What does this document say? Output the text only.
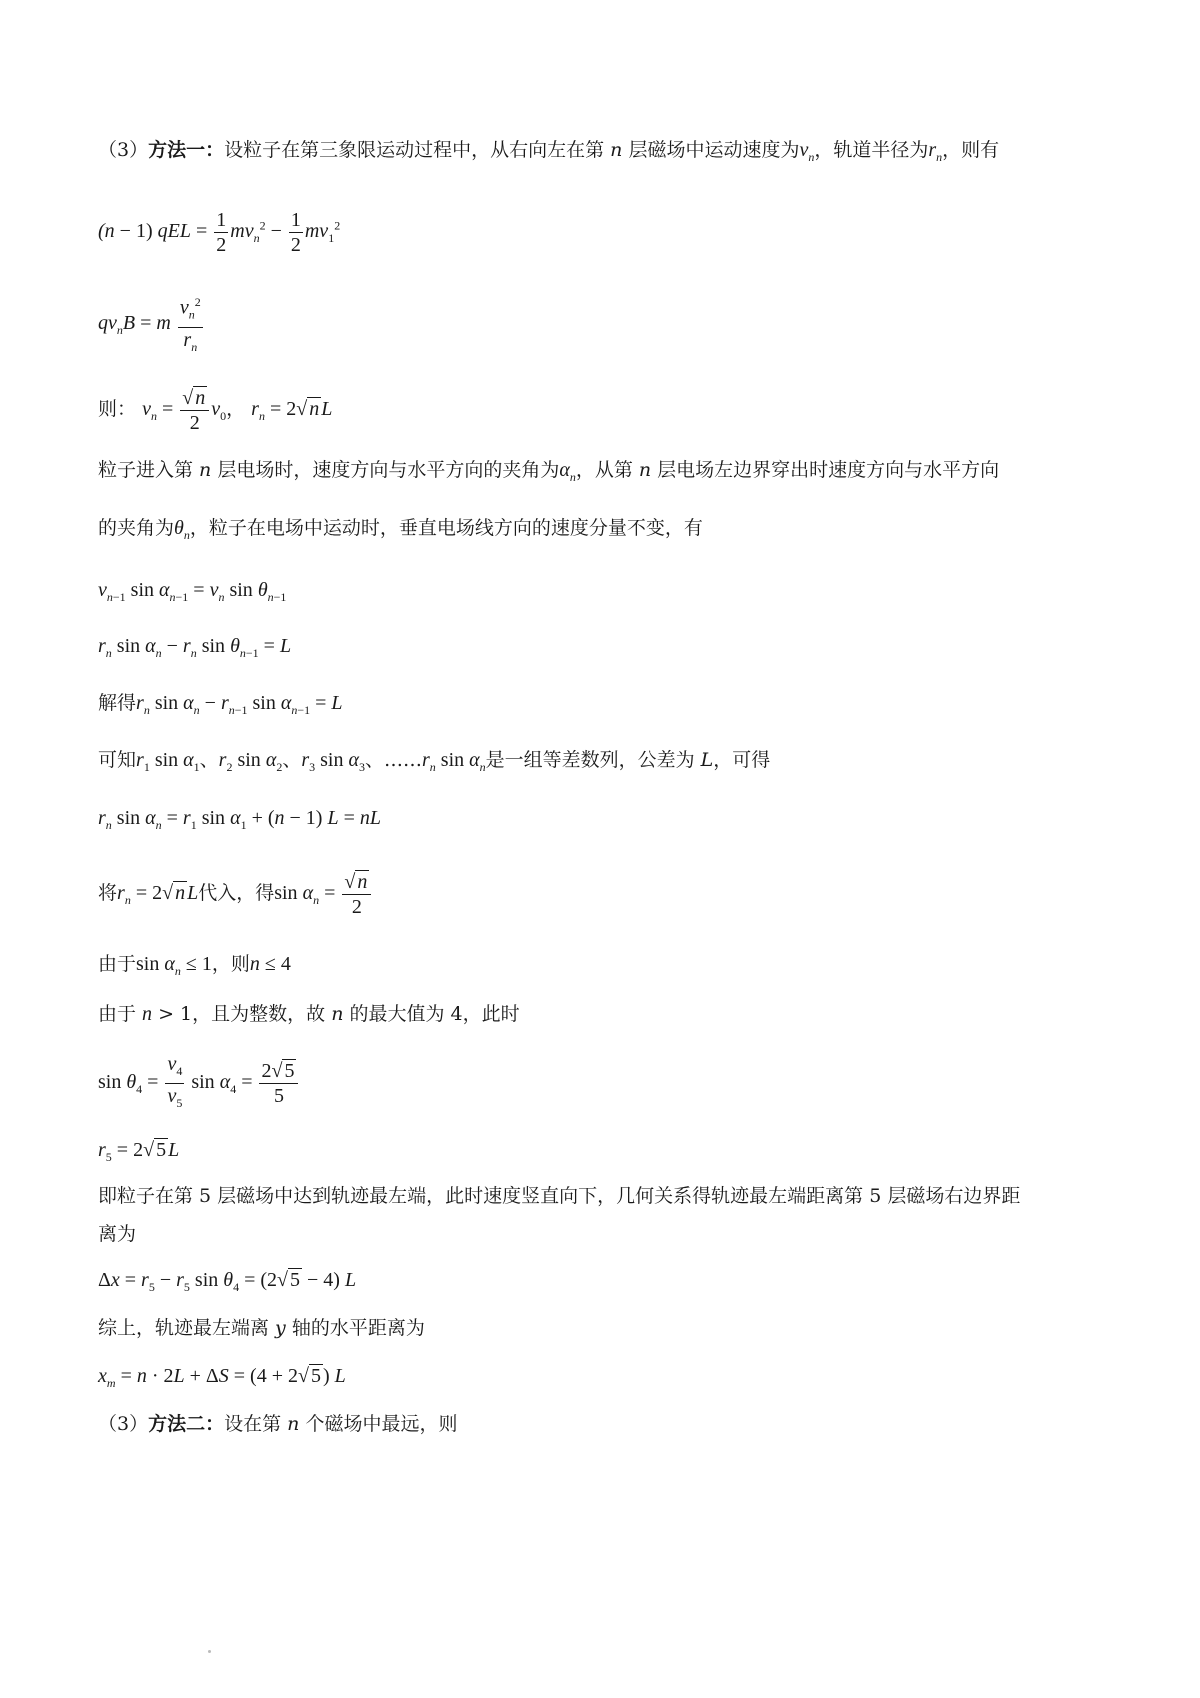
（3）方法一：设粒子在第三象限运动过程中，从右向左在第 n 层磁场中运动速度为$v_n$，轨道半径为$r_n$，则有
(n − 1) qEL = $\frac{1}{2} mv_n^2 - \frac{1}{2} mv_1^2$
$qv_nB = m \frac{v_n^2}{r_n}$
则： $v_n = \frac{√ n}{2} v_0$， $r_n = 2√$ n L
粒子进入第 n 层电场时，速度方向与水平方向的夹角为$\alpha_n$，从第 n 层电场左边界穿出时速度方向与水平方向
的夹角为$\theta_n$，粒子在电场中运动时，垂直电场线方向的速度分量不变，有
$v_{n-1}$ $\sin \alpha_{n-1} = v_n$ $\sin \theta_{n-1}$
$r_n$ $\sin \alpha_n - r_n$ $\sin \theta_{n-1} = L$
解得$r_n$ $\sin \alpha_n - r_{n-1}$ $\sin \alpha_{n-1} = L$
可知$r_1$ $\sin \alpha_1$、$r_2$ $\sin \alpha_2$、$r_3$ $\sin \alpha_3$、$\dots\dots r_n$ $\sin \alpha_n$是一组等差数列，公差为 L，可得
$r_n$ $\sin \alpha_n = r_1$ $\sin \alpha_1 + (n - 1) L$ = nL
将$r_n = 2√$ n L代入，得$\sin \alpha_n = \frac{√ n}{2}$
由于$\sin \alpha_n \le 1$，则n ≤ 4
由于 n > 1，且为整数，故 n 的最大值为 4，此时
$\sin \theta_4 = \frac{v_4}{v_5}$ $\sin \alpha_4 = \frac{2√ 5}{5}$
$r_5 = 2√$ 5 L
即粒子在第 5 层磁场中达到轨迹最左端，此时速度竖直向下，几何关系得轨迹最左端距离第 5 层磁场右边界距
离为
$\Delta x = r_5 - r_5$ $\sin \theta_4 = (2√$ 5 − 4) L
综上，轨迹最左端离 y 轴的水平距离为
$x_m = n \cdot 2L + \Delta S = (4 + 2√$ 5 ) L
（3）方法二：设在第 n 个磁场中最远，则
